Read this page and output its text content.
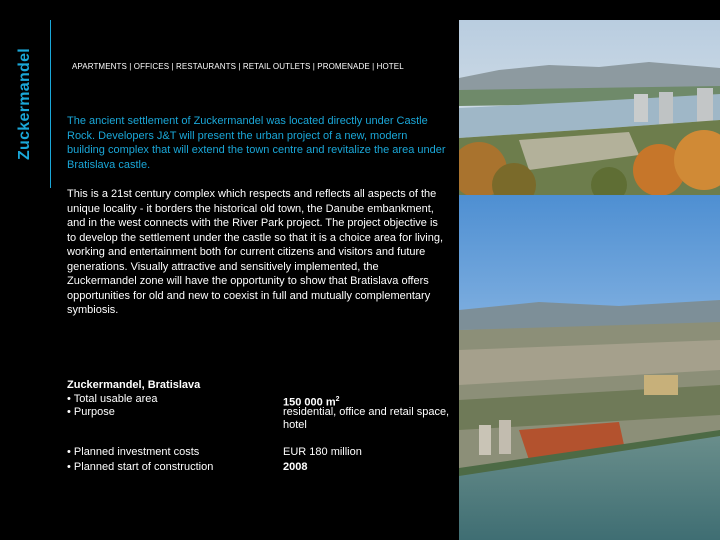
Zuckermandel	APARTMENTS | OFFICES | RESTAURANTS | RETAIL OUTLETS | PROMENADE | HOTEL
The ancient settlement of Zuckermandel was located directly under Castle Rock. Developers J&T will present the urban project of a new, modern building complex that will extend the town centre and revitalize the area under Bratislava castle.
This is a 21st century complex which respects and reflects all aspects of the unique locality - it borders the historical old town, the Danube embankment, and in the west connects with the River Park project. The project objective is to develop the settlement under the castle so that it is a choice area for living, working and entertainment both for current citizens and visitors and future generations. Visually attractive and sensitively implemented, the Zuckermandel zone will have the opportunity to show that Bratislava offers opportunities for old and new to coexist in full and mutually complementary symbiosis.
Zuckermandel, Bratislava
• Total usable area	150 000 $m^2$
• Purpose	residential, office and retail space, hotel
• Planned investment costs	EUR 180 million
• Planned start of construction	2008
